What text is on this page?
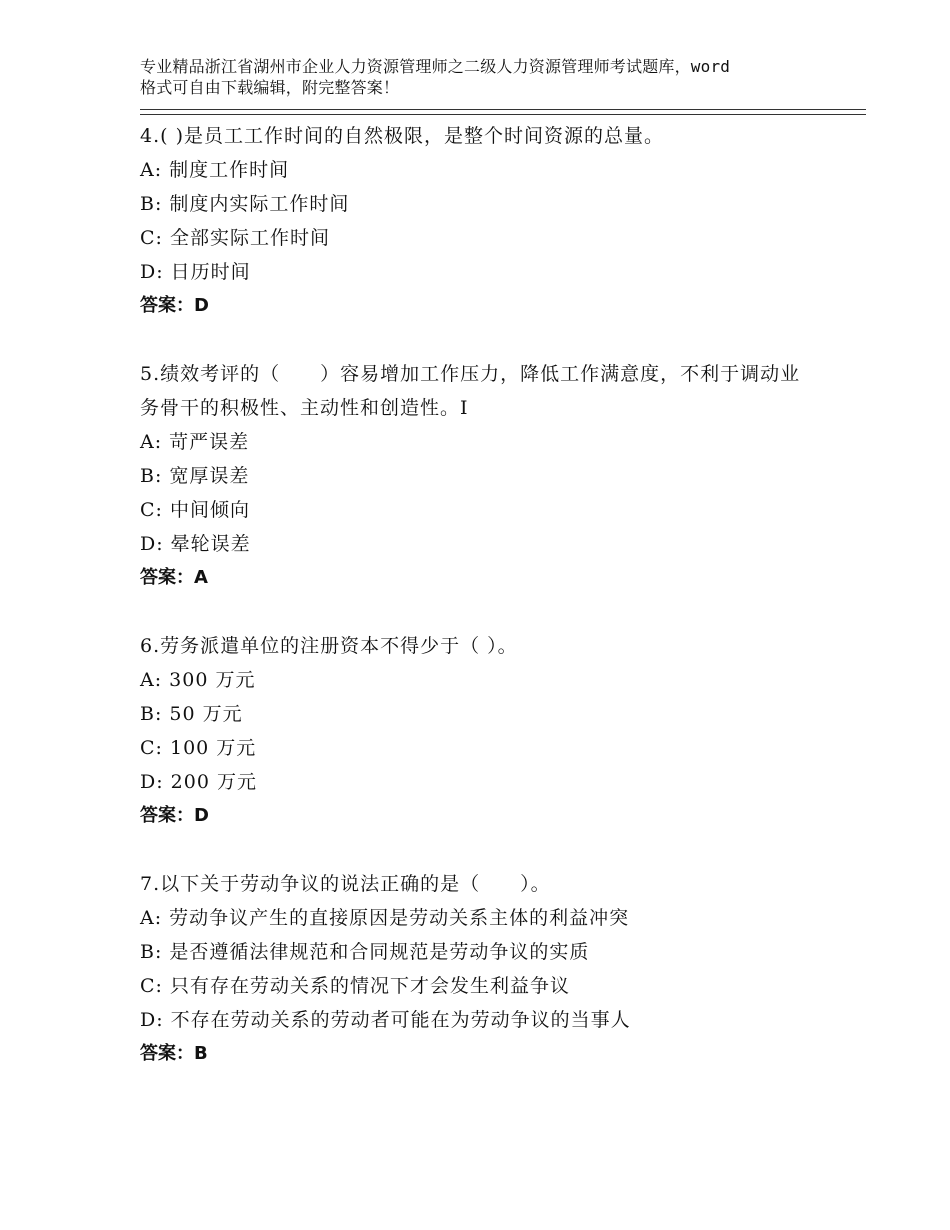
专业精品浙江省湖州市企业人力资源管理师之二级人力资源管理师考试题库，word
格式可自由下载编辑，附完整答案！
4.( )是员工工作时间的自然极限，是整个时间资源的总量。
A: 制度工作时间
B: 制度内实际工作时间
C: 全部实际工作时间
D: 日历时间
答案：D
5.绩效考评的（　　）容易增加工作压力，降低工作满意度，不利于调动业务骨干的积极性、主动性和创造性。I
A: 苛严误差
B: 宽厚误差
C: 中间倾向
D: 晕轮误差
答案：A
6.劳务派遣单位的注册资本不得少于（ ）。
A: 300 万元
B: 50 万元
C: 100 万元
D: 200 万元
答案：D
7.以下关于劳动争议的说法正确的是（　　）。
A: 劳动争议产生的直接原因是劳动关系主体的利益冲突
B: 是否遵循法律规范和合同规范是劳动争议的实质
C: 只有存在劳动关系的情况下才会发生利益争议
D: 不存在劳动关系的劳动者可能在为劳动争议的当事人
答案：B
